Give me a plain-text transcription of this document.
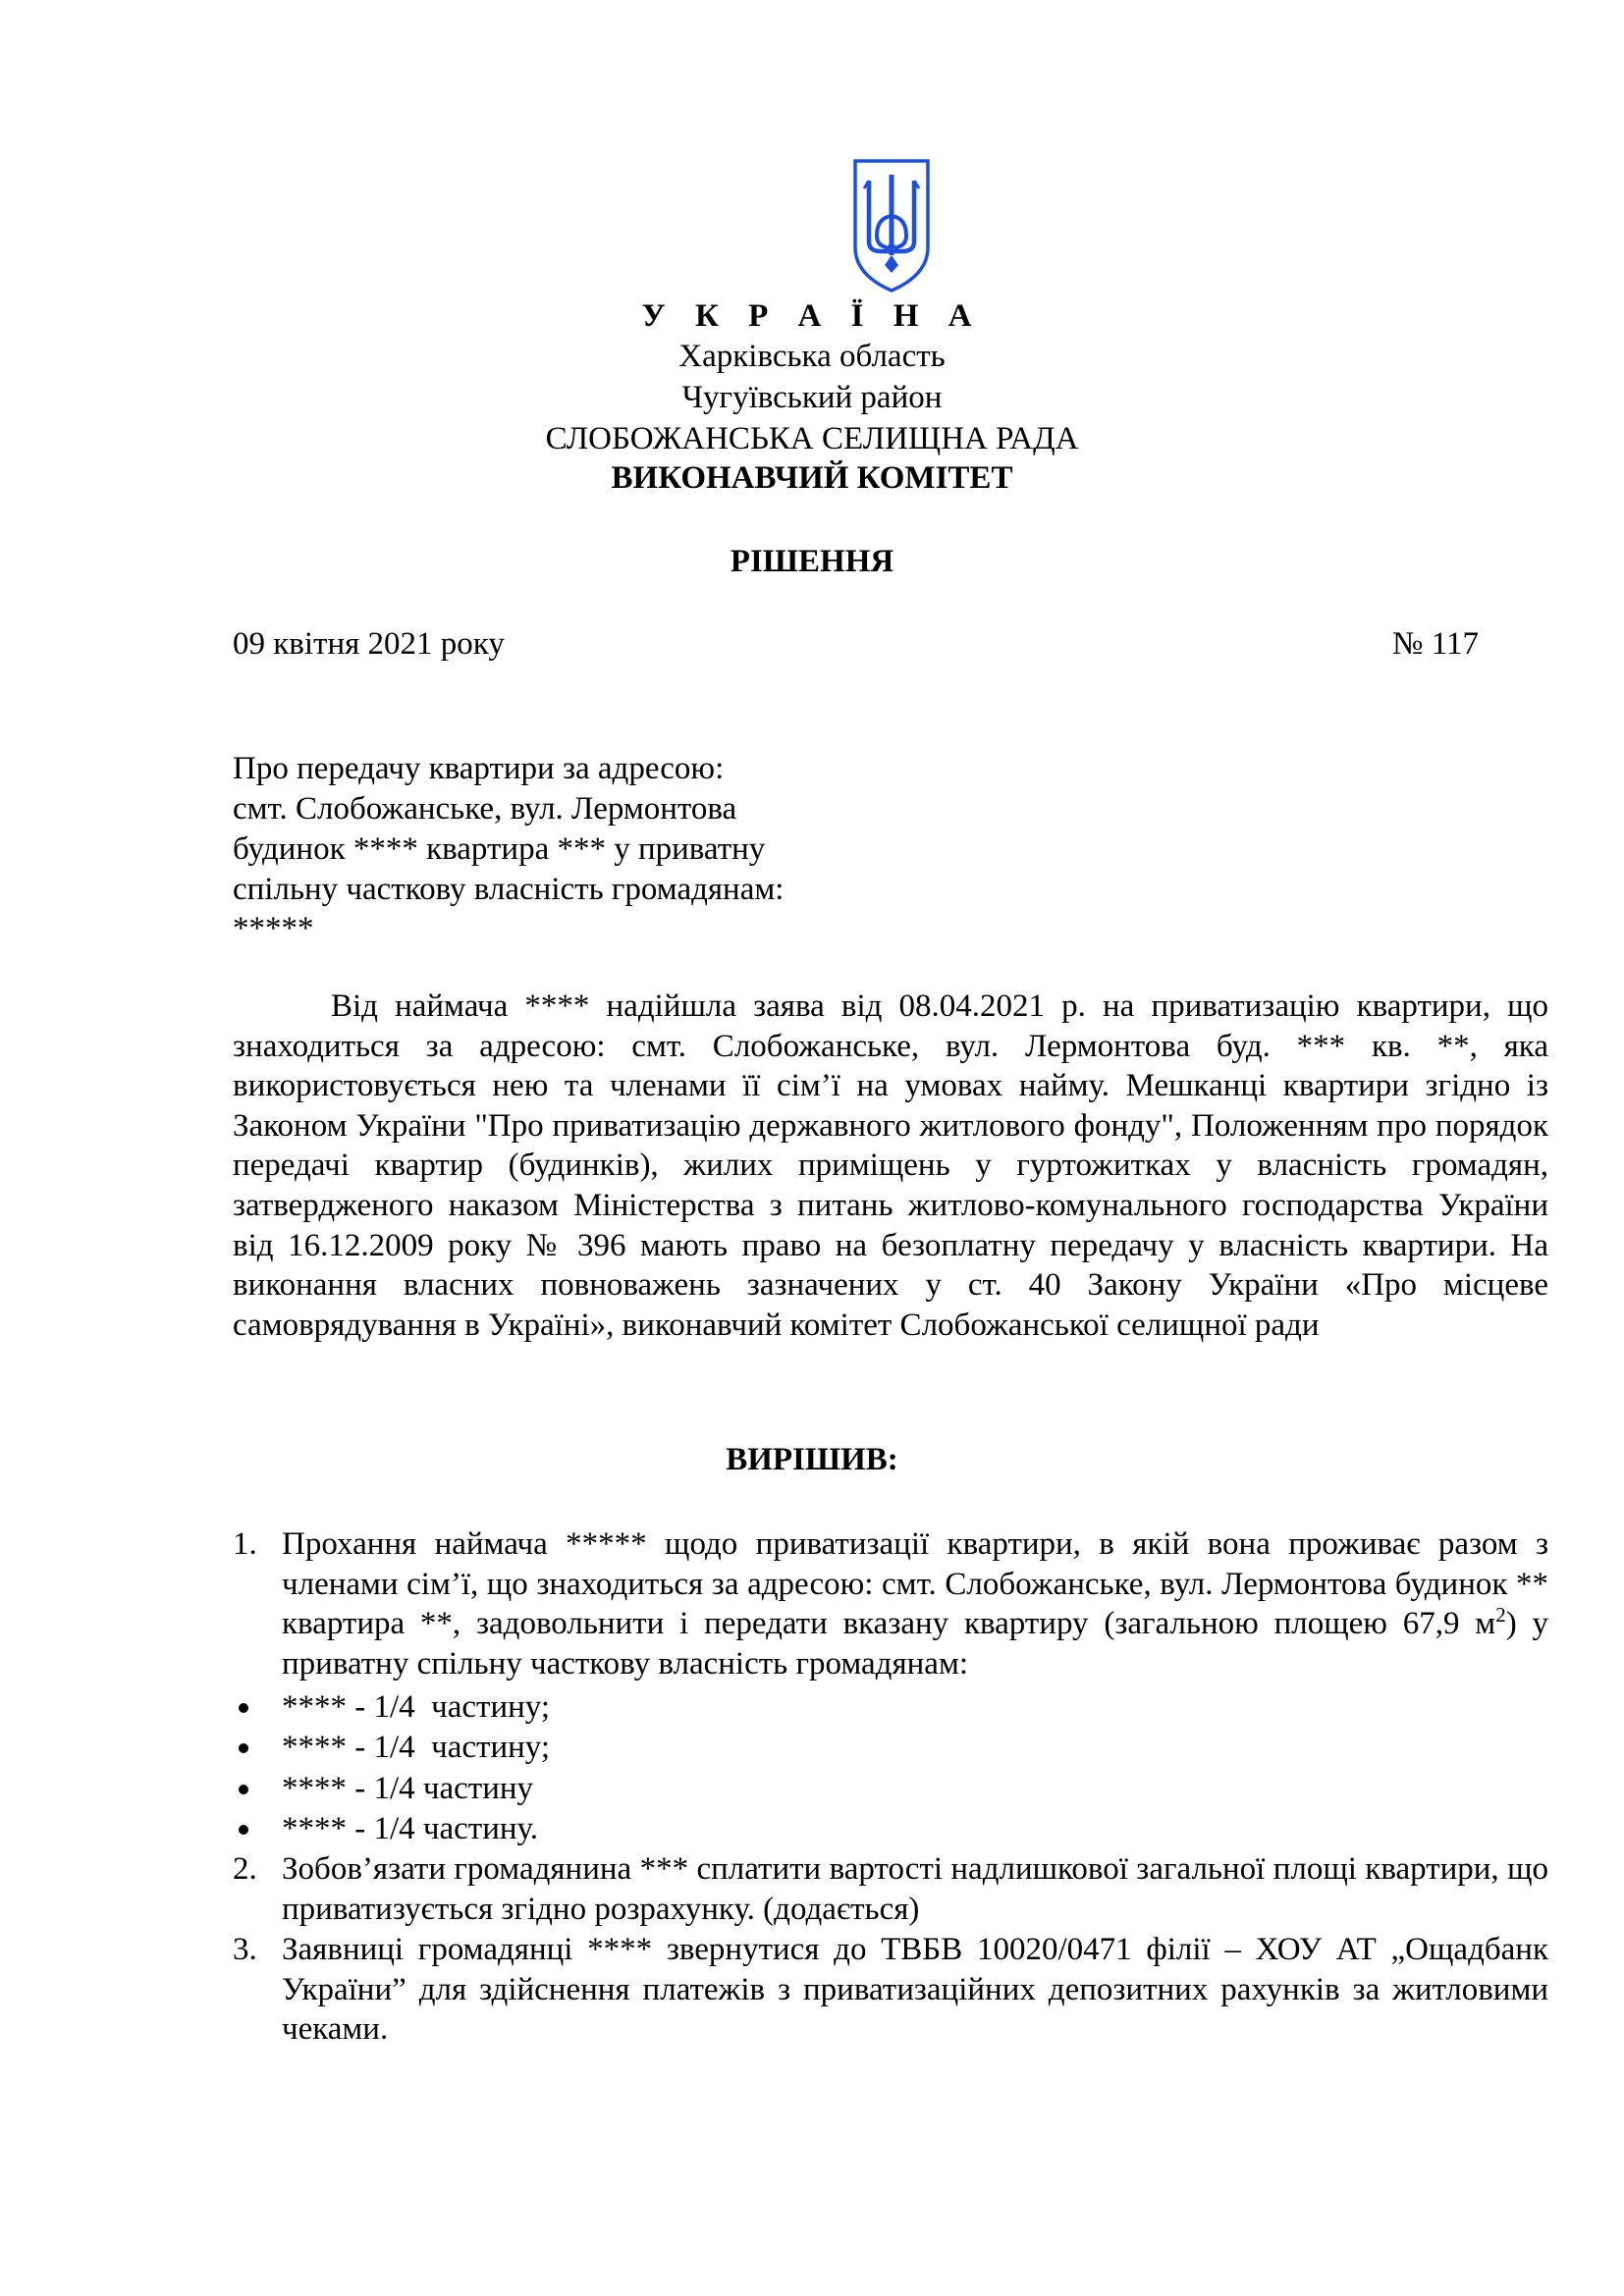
У К Р А Ї Н А
Харківська область
Чугуївський район
СЛОБОЖАНСЬКА СЕЛИЩНА РАДА
ВИКОНАВЧИЙ КОМІТЕТ
РІШЕННЯ
09 квітня 2021 року	№ 117
Про передачу квартири за адресою:
смт. Слобожанське, вул. Лермонтова
будинок **** квартира *** у приватну
спільну часткову власність громадянам:
*****

Від наймача **** надійшла заява від 08.04.2021 р. на приватизацію квартири, що знаходиться за адресою: смт. Слобожанське, вул. Лермонтова буд. *** кв. **, яка використовується нею та членами її сім’ї на умовах найму. Мешканці квартири згідно із Законом України "Про приватизацію державного житлового фонду", Положенням про порядок передачі квартир (будинків), жилих приміщень у гуртожитках у власність громадян, затвердженого наказом Міністерства з питань житлово-комунального господарства України від 16.12.2009 року № 396 мають право на безоплатну передачу у власність квартири. На виконання власних повноважень зазначених у ст. 40 Закону України «Про місцеве самоврядування в Україні», виконавчий комітет Слобожанської селищної ради

ВИРІШИВ:
1. Прохання наймача ***** щодо приватизації квартири, в якій вона проживає разом з членами сім’ї, що знаходиться за адресою: смт. Слобожанське, вул. Лермонтова будинок ** квартира **, задовольнити і передати вказану квартиру (загальною площею 67,9 $м^2$) у приватну спільну часткову власність громадянам:
**** - 1/4  частину;
**** - 1/4  частину;
**** - 1/4 частину
**** - 1/4 частину.
2. Зобов’язати громадянина *** сплатити вартості надлишкової загальної площі квартири, що приватизується згідно розрахунку. (додається)
3. Заявниці громадянці **** звернутися до ТВБВ 10020/0471 філії – ХОУ АТ „Ощадбанк України” для здійснення платежів з приватизаційних депозитних рахунків за житловими чеками.
